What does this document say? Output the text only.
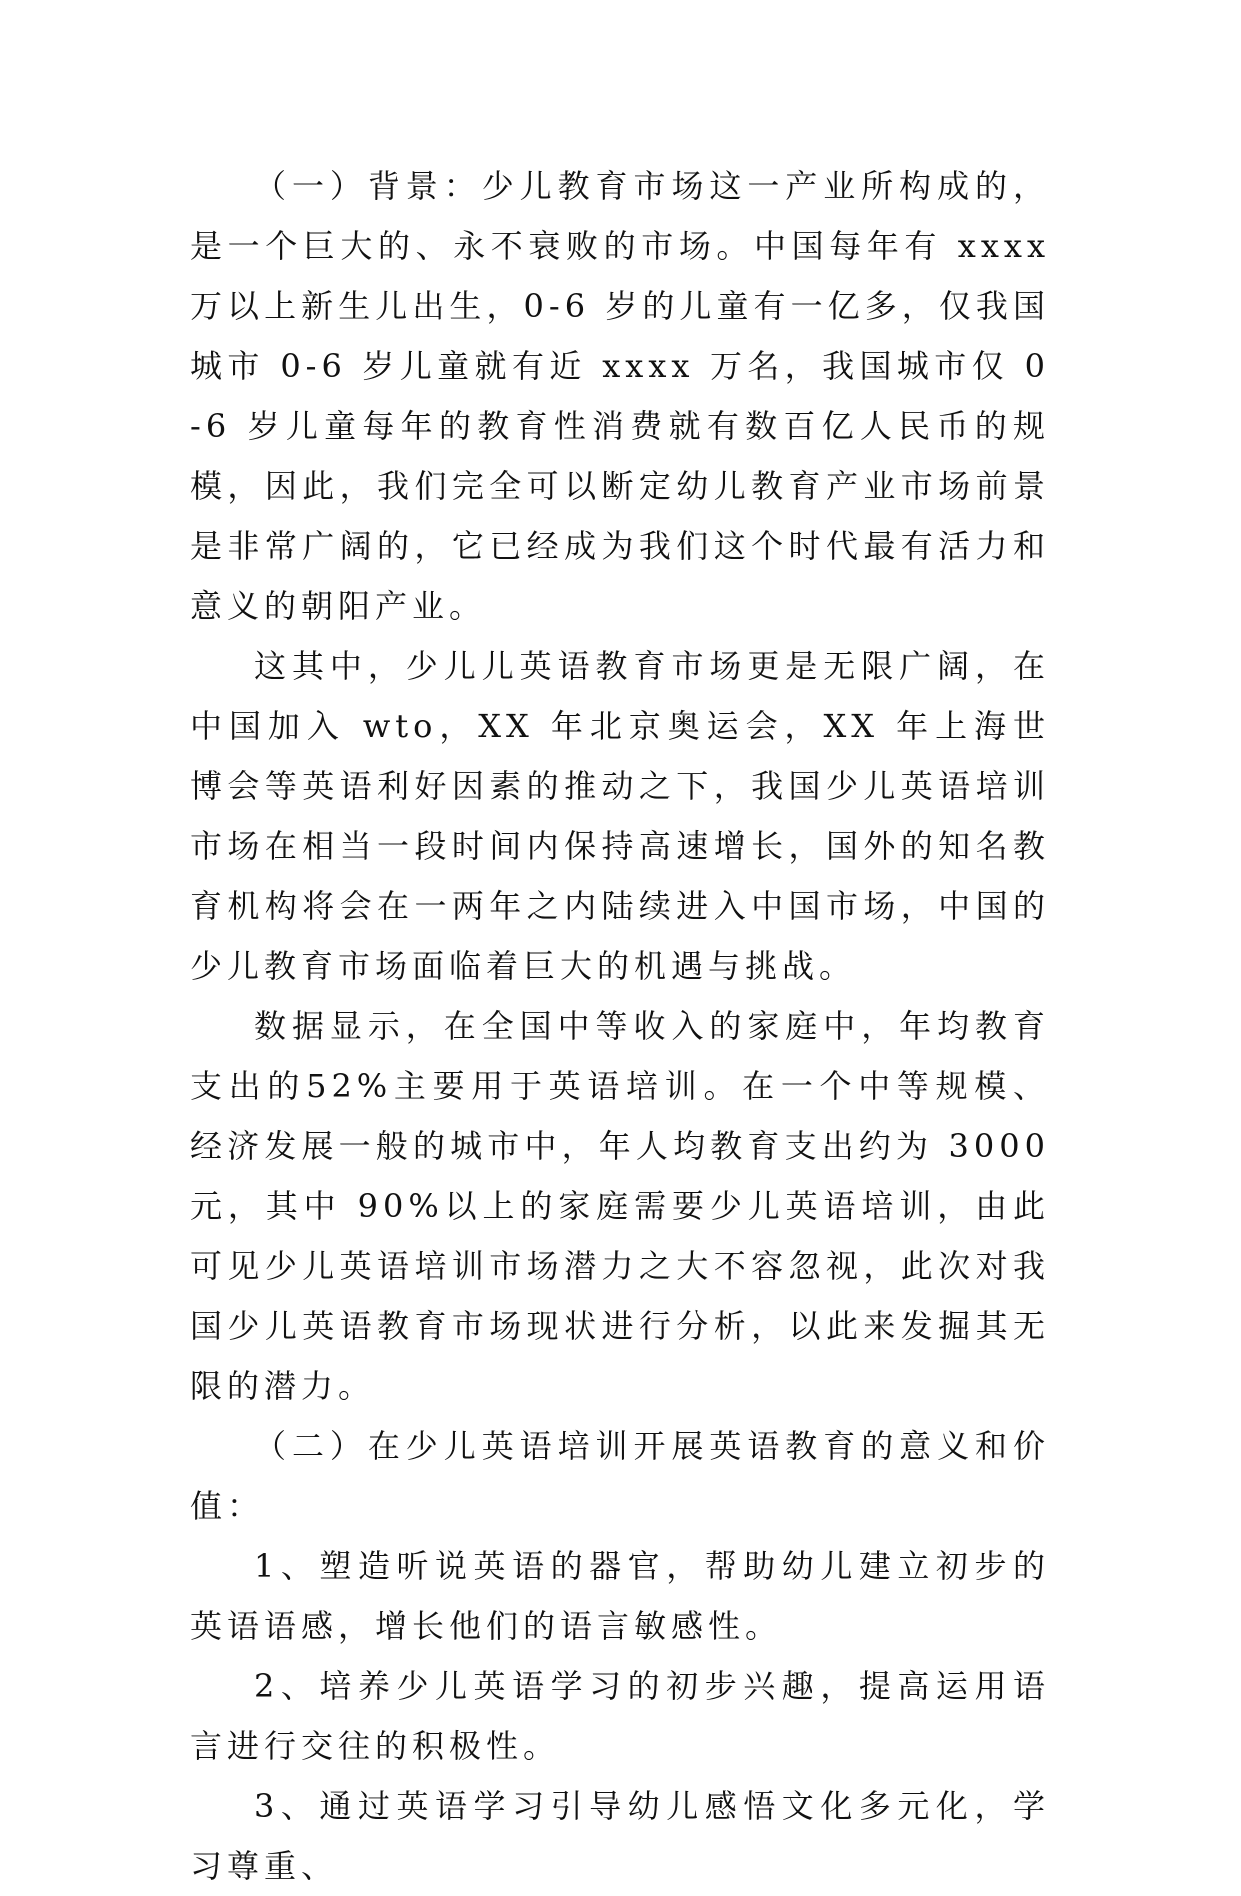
（一）背景：少儿教育市场这一产业所构成的，是一个巨大的、永不衰败的市场。中国每年有 xxxx 万以上新生儿出生，0-6 岁的儿童有一亿多，仅我国城市 0-6 岁儿童就有近 xxxx 万名，我国城市仅 0-6 岁儿童每年的教育性消费就有数百亿人民币的规模，因此，我们完全可以断定幼儿教育产业市场前景是非常广阔的，它已经成为我们这个时代最有活力和意义的朝阳产业。

这其中，少儿儿英语教育市场更是无限广阔，在中国加入 wto，XX 年北京奥运会，XX 年上海世博会等英语利好因素的推动之下，我国少儿英语培训市场在相当一段时间内保持高速增长，国外的知名教育机构将会在一两年之内陆续进入中国市场，中国的少儿教育市场面临着巨大的机遇与挑战。

数据显示，在全国中等收入的家庭中，年均教育支出的52%主要用于英语培训。在一个中等规模、经济发展一般的城市中，年人均教育支出约为 3000 元，其中 90%以上的家庭需要少儿英语培训，由此可见少儿英语培训市场潜力之大不容忽视，此次对我国少儿英语教育市场现状进行分析，以此来发掘其无限的潜力。

（二）在少儿英语培训开展英语教育的意义和价值：

1、塑造听说英语的器官，帮助幼儿建立初步的英语语感，增长他们的语言敏感性。

2、培养少儿英语学习的初步兴趣，提高运用语言进行交往的积极性。

3、通过英语学习引导幼儿感悟文化多元化，学习尊重、
